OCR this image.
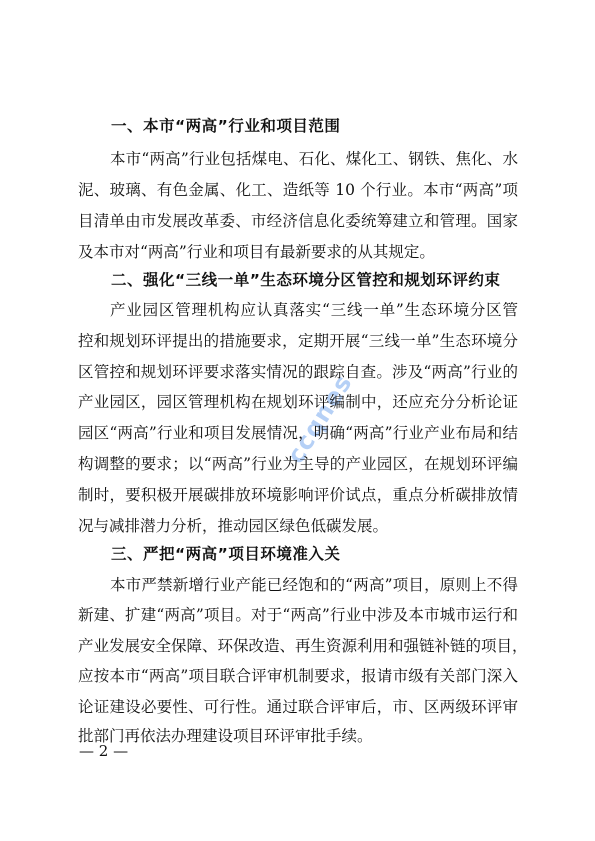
ccqnes
一、本市“两高”行业和项目范围
本市“两高”行业包括煤电、石化、煤化工、钢铁、焦化、水
泥、玻璃、有色金属、化工、造纸等 10 个行业。本市“两高”项
目清单由市发展改革委、市经济信息化委统筹建立和管理。国家
及本市对“两高”行业和项目有最新要求的从其规定。
二、强化“三线一单”生态环境分区管控和规划环评约束
产业园区管理机构应认真落实“三线一单”生态环境分区管
控和规划环评提出的措施要求，定期开展“三线一单”生态环境分
区管控和规划环评要求落实情况的跟踪自查。涉及“两高”行业的
产业园区，园区管理机构在规划环评编制中，还应充分分析论证
园区“两高”行业和项目发展情况，明确“两高”行业产业布局和结
构调整的要求；以“两高”行业为主导的产业园区，在规划环评编
制时，要积极开展碳排放环境影响评价试点，重点分析碳排放情
况与减排潜力分析，推动园区绿色低碳发展。
三、严把“两高”项目环境准入关
本市严禁新增行业产能已经饱和的“两高”项目，原则上不得
新建、扩建“两高”项目。对于“两高”行业中涉及本市城市运行和
产业发展安全保障、环保改造、再生资源利用和强链补链的项目，
应按本市“两高”项目联合评审机制要求，报请市级有关部门深入
论证建设必要性、可行性。通过联合评审后，市、区两级环评审
批部门再依法办理建设项目环评审批手续。
— 2 —
